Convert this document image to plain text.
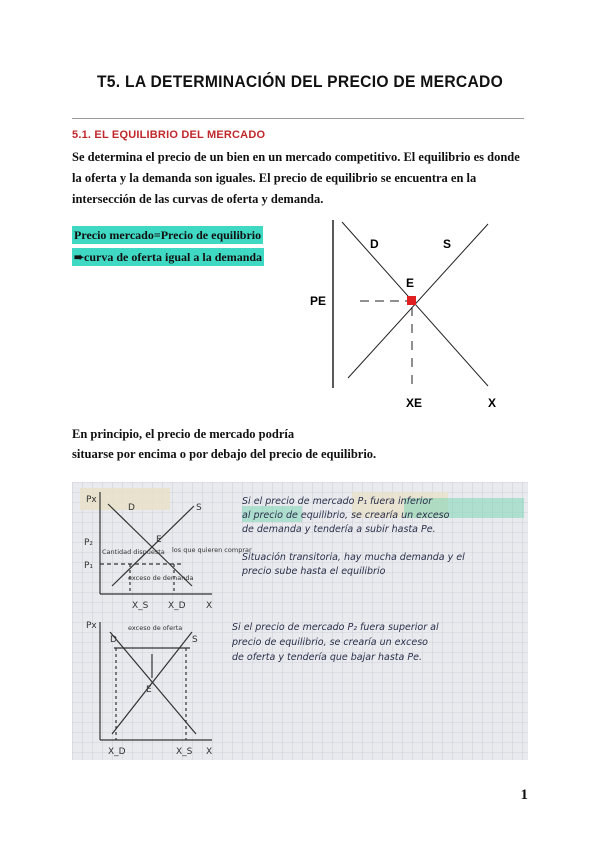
T5. LA DETERMINACIÓN DEL PRECIO DE MERCADO
5.1. EL EQUILIBRIO DEL MERCADO
Se determina el precio de un bien en un mercado competitivo. El equilibrio es donde
la oferta y la demanda son iguales. El precio de equilibrio se encuentra en la
intersección de las curvas de oferta y demanda.
Precio mercado=Precio de equilibrio
➨curva de oferta igual a la demanda
D	S
E
PE
XE	X
En principio, el precio de mercado podría
situarse por encima o por debajo del precio de equilibrio.
Px
P₂
P₁
D	S
E
X_S X_D X
Cantidad dispuesta los que quieren comprar
exceso de demanda
Si el precio de mercado P₁ fuera inferior
al precio de equilibrio, se crearía un exceso
de demanda y tendería a subir hasta Pe.
Situación transitoria, hay mucha demanda y el
precio sube hasta el equilibrio
Si el precio de mercado P₂ fuera superior al
precio de equilibrio, se crearía un exceso
de oferta y tendería que bajar hasta Pe.
Px
D	S
E
X_D	X_S X
exceso de oferta
1
